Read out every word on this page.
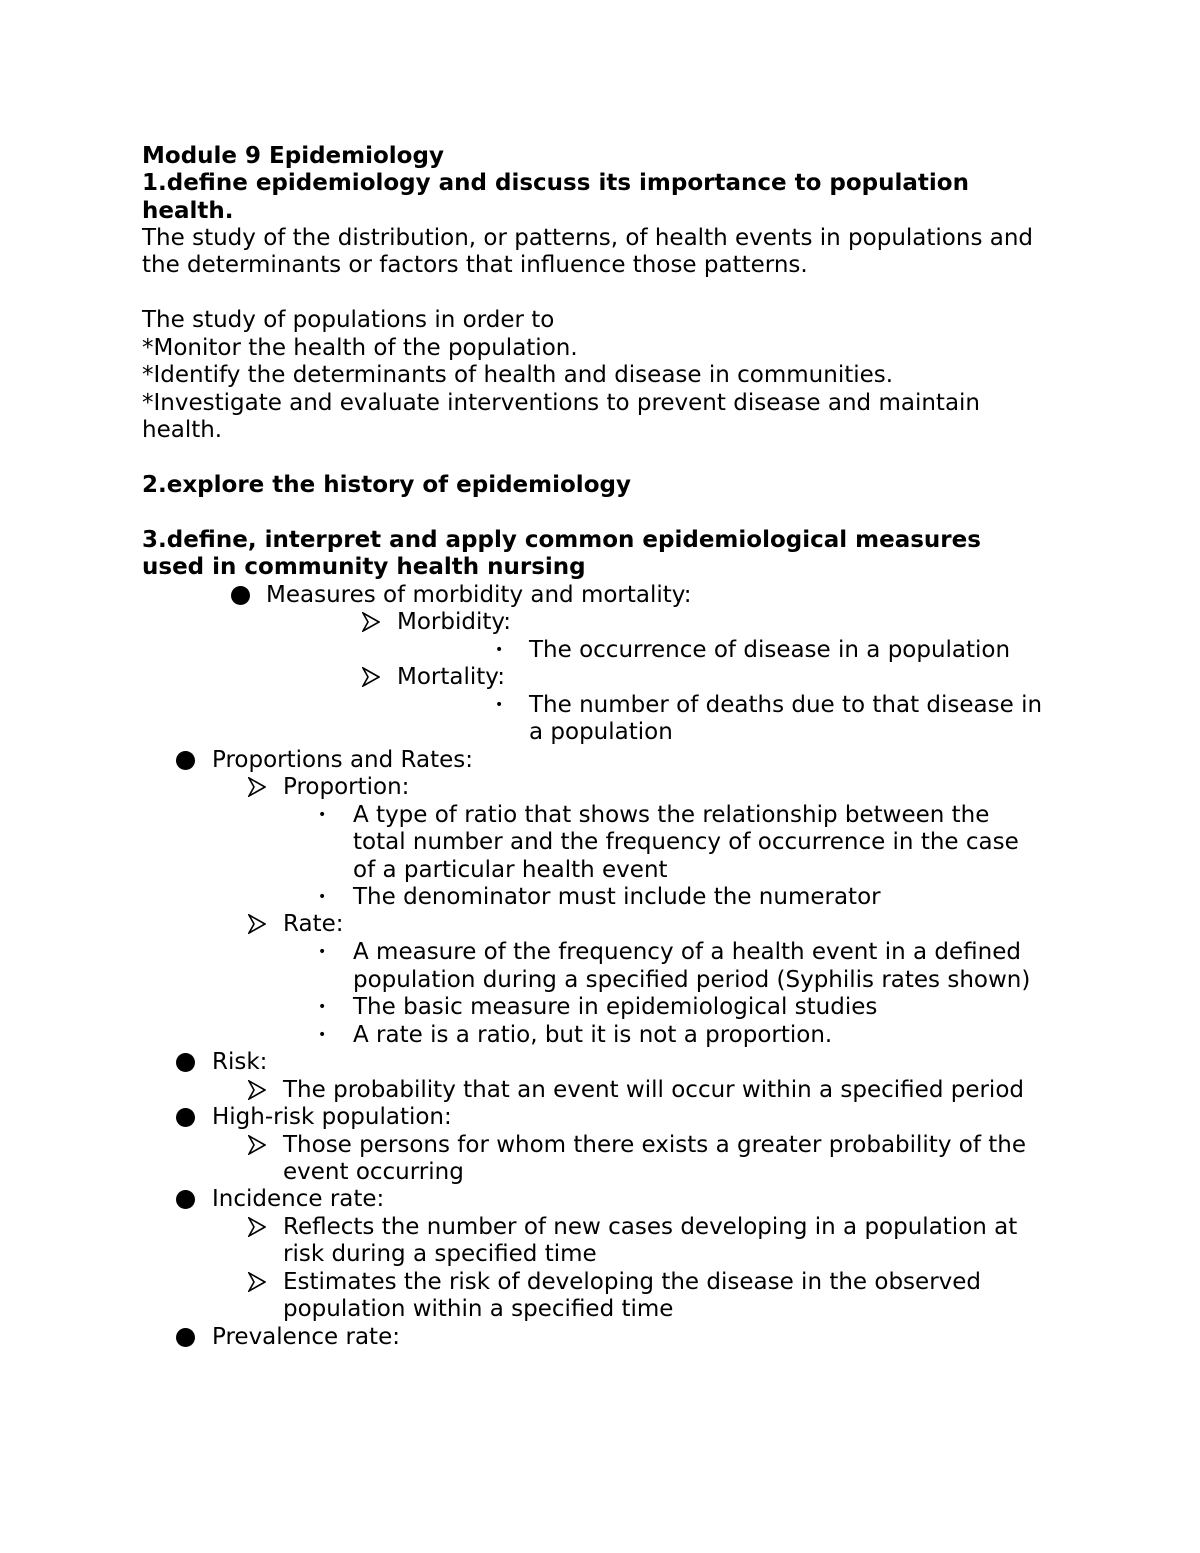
Module 9 Epidemiology
1.define epidemiology and discuss its importance to population
health.
The study of the distribution, or patterns, of health events in populations and
the determinants or factors that influence those patterns.
The study of populations in order to
*Monitor the health of the population.
*Identify the determinants of health and disease in communities.
*Investigate and evaluate interventions to prevent disease and maintain
health.
2.explore the history of epidemiology
3.define, interpret and apply common epidemiological measures
used in community health nursing
Measures of morbidity and mortality:
Morbidity:
• The occurrence of disease in a population
Mortality:
• The number of deaths due to that disease in
a population
Proportions and Rates:
Proportion:
• A type of ratio that shows the relationship between the
total number and the frequency of occurrence in the case
of a particular health event
• The denominator must include the numerator
Rate:
• A measure of the frequency of a health event in a defined
population during a specified period (Syphilis rates shown)
• The basic measure in epidemiological studies
• A rate is a ratio, but it is not a proportion.
Risk:
The probability that an event will occur within a specified period
High-risk population:
Those persons for whom there exists a greater probability of the
event occurring
Incidence rate:
Reflects the number of new cases developing in a population at
risk during a specified time
Estimates the risk of developing the disease in the observed
population within a specified time
Prevalence rate:
